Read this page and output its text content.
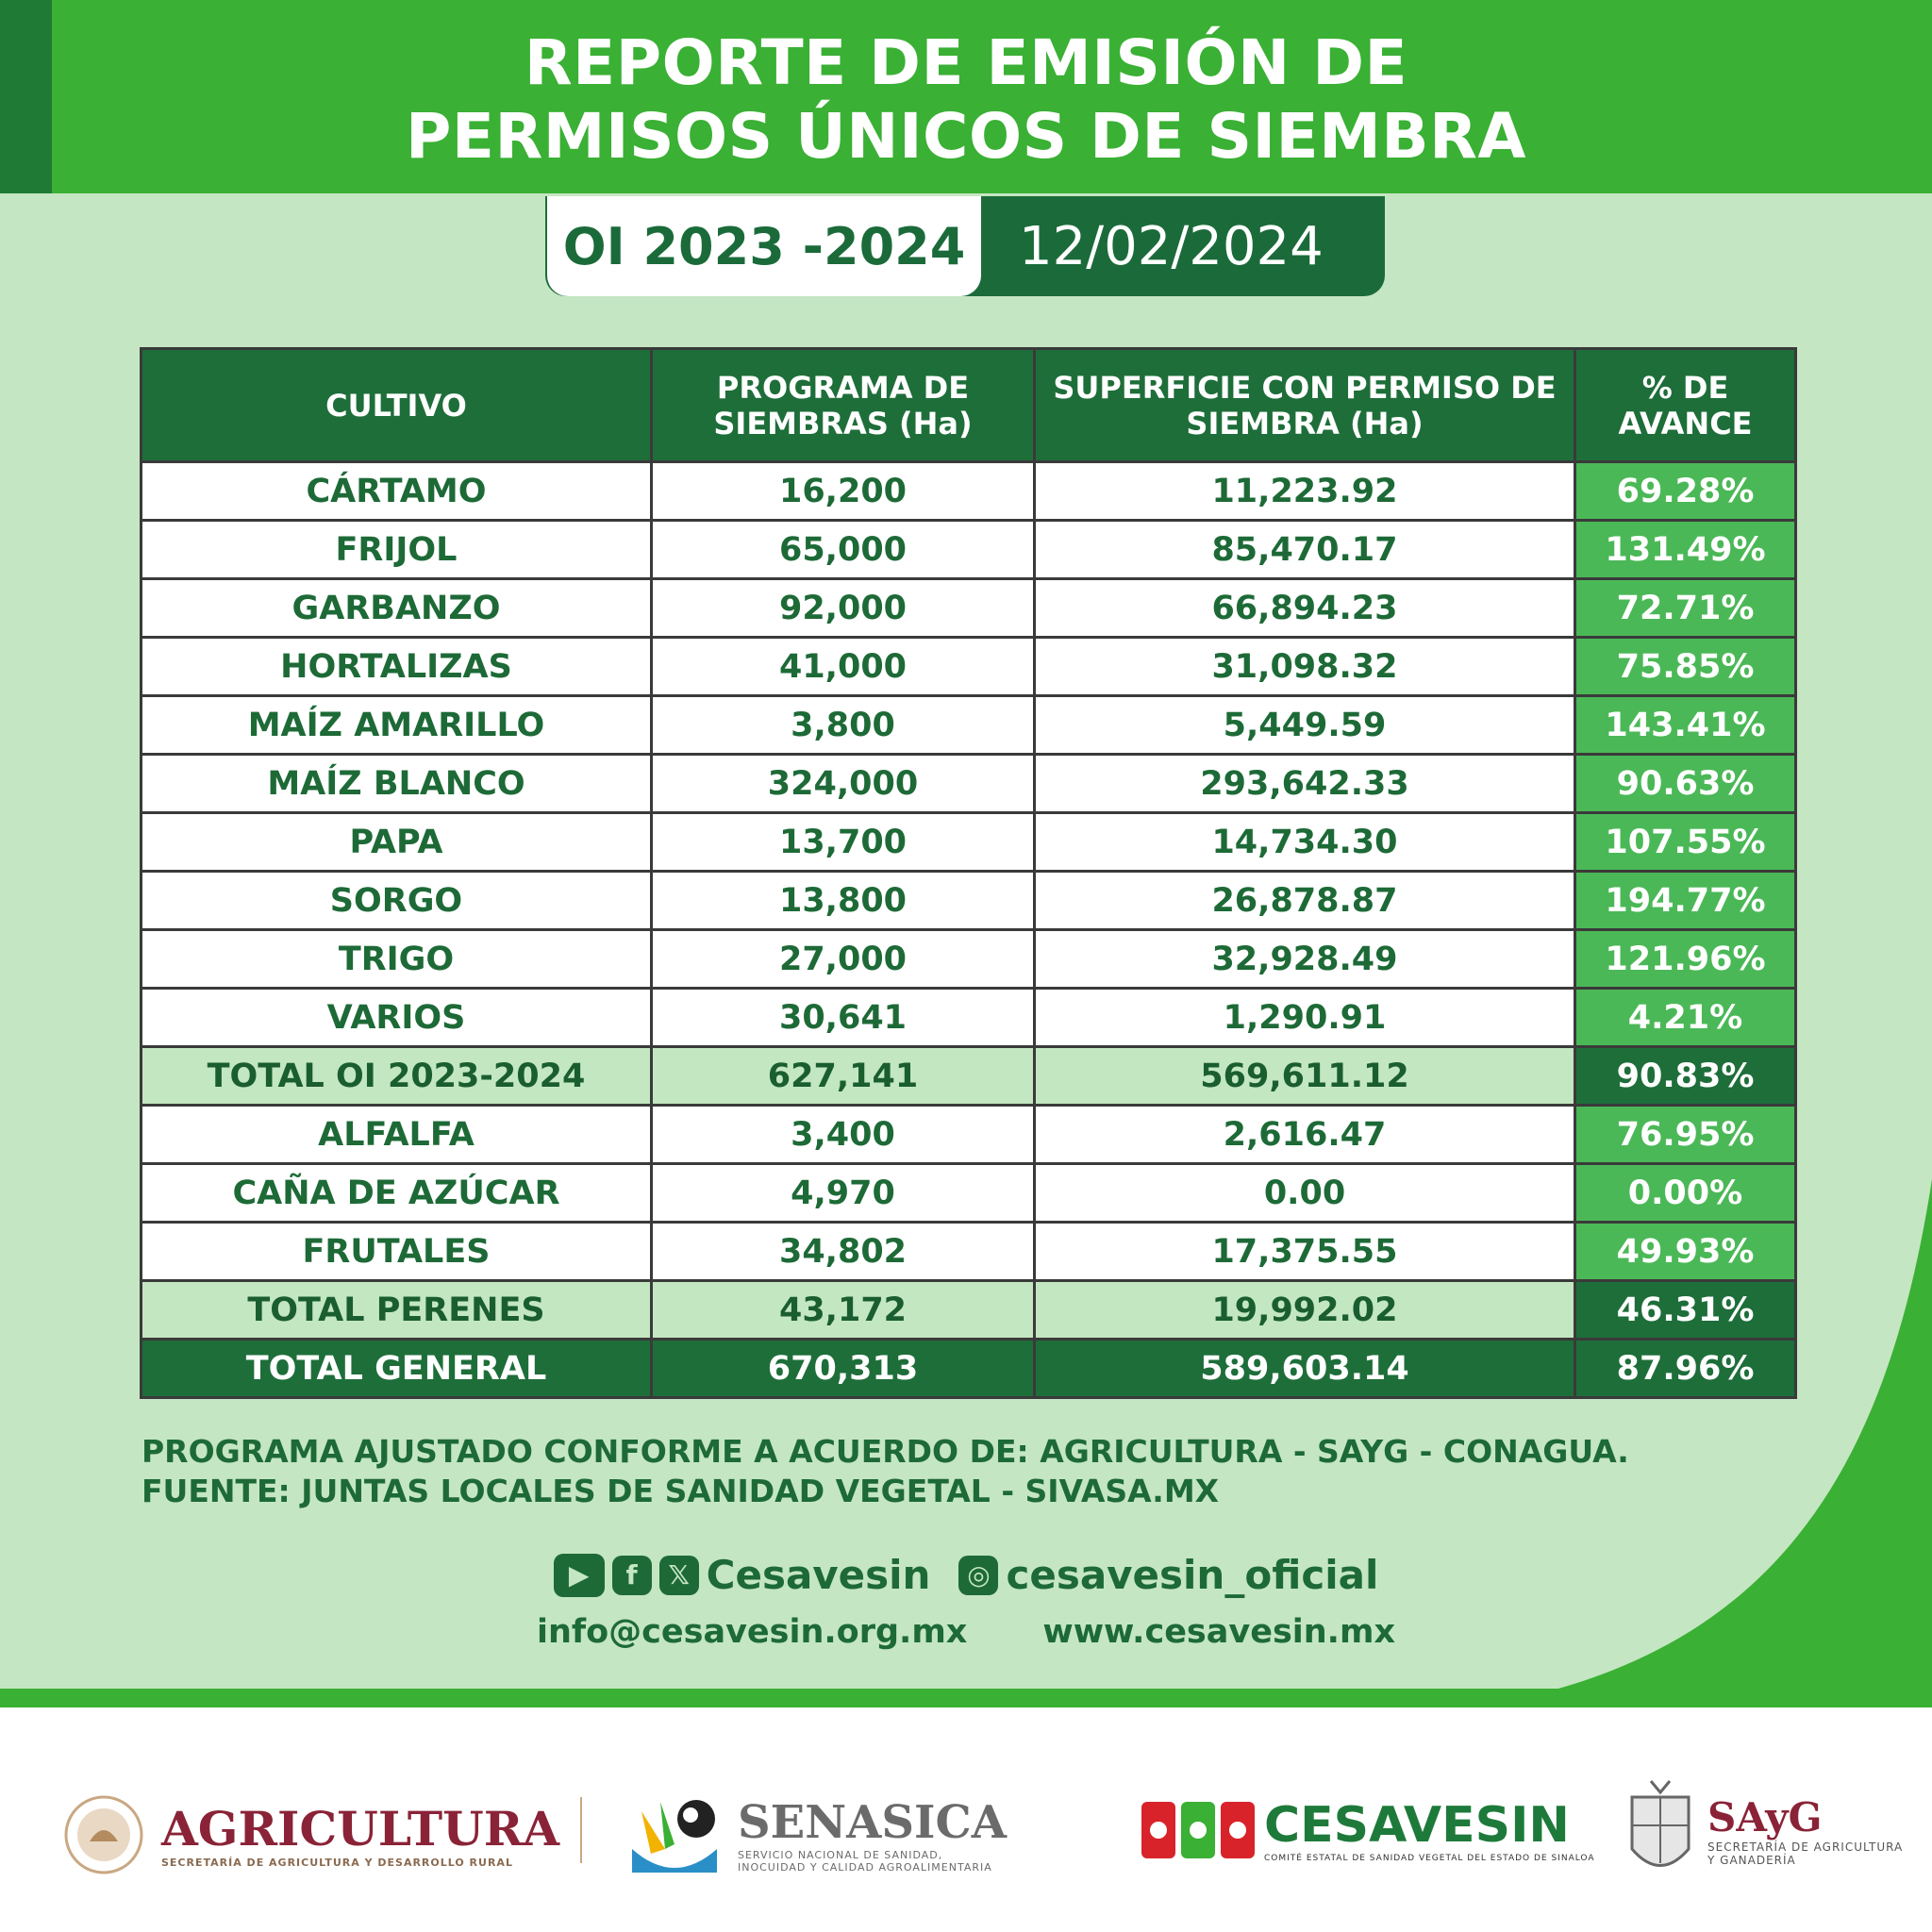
REPORTE DE EMISIÓN DE
PERMISOS ÚNICOS DE SIEMBRA
OI 2023 -2024 12/02/2024
CULTIVO	PROGRAMA DE SIEMBRAS (Ha)	SUPERFICIE CON PERMISO DE SIEMBRA (Ha)	% DE AVANCE
CÁRTAMO	16,200	11,223.92	69.28%
FRIJOL	65,000	85,470.17	131.49%
GARBANZO	92,000	66,894.23	72.71%
HORTALIZAS	41,000	31,098.32	75.85%
MAÍZ AMARILLO	3,800	5,449.59	143.41%
MAÍZ BLANCO	324,000	293,642.33	90.63%
PAPA	13,700	14,734.30	107.55%
SORGO	13,800	26,878.87	194.77%
TRIGO	27,000	32,928.49	121.96%
VARIOS	30,641	1,290.91	4.21%
TOTAL OI 2023-2024	627,141	569,611.12	90.83%
ALFALFA	3,400	2,616.47	76.95%
CAÑA DE AZÚCAR	4,970	0.00	0.00%
FRUTALES	34,802	17,375.55	49.93%
TOTAL PERENES	43,172	19,992.02	46.31%
TOTAL GENERAL	670,313	589,603.14	87.96%
PROGRAMA AJUSTADO CONFORME A ACUERDO DE: AGRICULTURA - SAYG - CONAGUA.
FUENTE: JUNTAS LOCALES DE SANIDAD VEGETAL - SIVASA.MX
▶	f	𝕏 Cesavesin	◎ cesavesin_oficial
info@cesavesin.org.mx www.cesavesin.mx
AGRICULTURA
SECRETARÍA DE AGRICULTURA Y DESARROLLO RURAL
SENASICA
SERVICIO NACIONAL DE SANIDAD,
INOCUIDAD Y CALIDAD AGROALIMENTARIA
CESAVESIN
COMITÉ ESTATAL DE SANIDAD VEGETAL DEL ESTADO DE SINALOA
SAyG
SECRETARÍA DE AGRICULTURA
Y GANADERÍA
